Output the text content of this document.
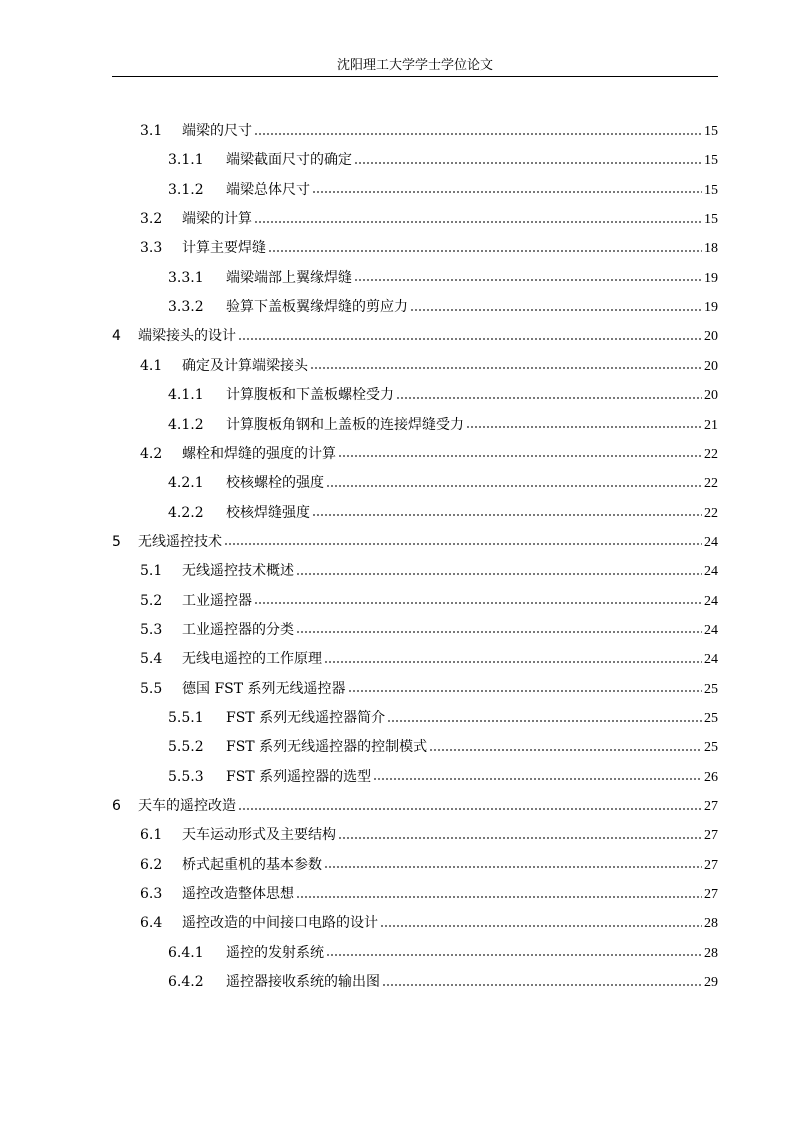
沈阳理工大学学士学位论文
3.1	端梁的尺寸	15
3.1.1	端梁截面尺寸的确定	15
3.1.2	端梁总体尺寸	15
3.2	端梁的计算	15
3.3	计算主要焊缝	18
3.3.1	端梁端部上翼缘焊缝	19
3.3.2	验算下盖板翼缘焊缝的剪应力	19
4	端梁接头的设计	20
4.1	确定及计算端梁接头	20
4.1.1	计算腹板和下盖板螺栓受力	20
4.1.2	计算腹板角钢和上盖板的连接焊缝受力	21
4.2	螺栓和焊缝的强度的计算	22
4.2.1	校核螺栓的强度	22
4.2.2	校核焊缝强度	22
5	无线遥控技术	24
5.1	无线遥控技术概述	24
5.2	工业遥控器	24
5.3	工业遥控器的分类	24
5.4	无线电遥控的工作原理	24
5.5	德国 FST 系列无线遥控器	25
5.5.1	FST 系列无线遥控器简介	25
5.5.2	FST 系列无线遥控器的控制模式	25
5.5.3	FST 系列遥控器的选型	26
6	天车的遥控改造	27
6.1	天车运动形式及主要结构	27
6.2	桥式起重机的基本参数	27
6.3	遥控改造整体思想	27
6.4	遥控改造的中间接口电路的设计	28
6.4.1	遥控的发射系统	28
6.4.2	遥控器接收系统的输出图	29
